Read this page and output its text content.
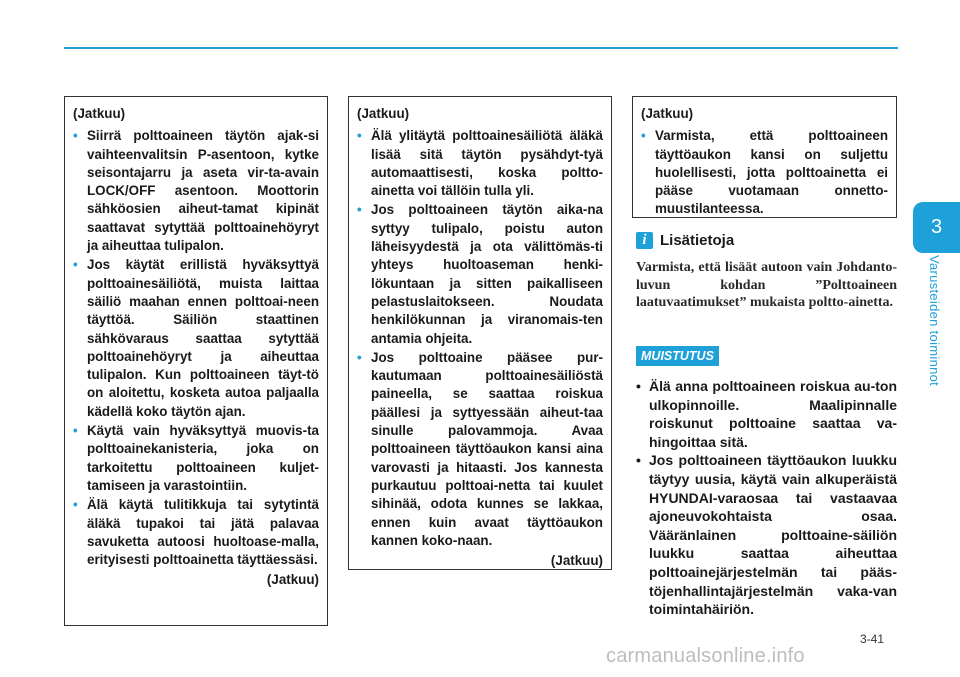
3
Varusteiden toiminnot
(Jatkuu)
• Siirrä polttoaineen täytön ajak-si vaihteenvalitsin P-asentoon, kytke seisontajarru ja aseta vir-ta-avain LOCK/OFF asentoon. Moottorin sähköosien aiheut-tamat kipinät saattavat sytyttää polttoainehöyryt ja aiheuttaa tulipalon.
• Jos käytät erillistä hyväksyttyä polttoainesäiliötä, muista laittaa säiliö maahan ennen polttoai-neen täyttöä. Säiliön staattinen sähkövaraus saattaa sytyttää polttoainehöyryt ja aiheuttaa tulipalon. Kun polttoaineen täyt-tö on aloitettu, kosketa autoa paljaalla kädellä koko täytön ajan.
• Käytä vain hyväksyttyä muovis-ta polttoainekanisteria, joka on tarkoitettu polttoaineen kuljet-tamiseen ja varastointiin.
• Älä käytä tulitikkuja tai sytytintä äläkä tupakoi tai jätä palavaa savuketta autoosi huoltoase-malla, erityisesti polttoainetta täyttäessäsi.
(Jatkuu)
(Jatkuu)
• Älä ylitäytä polttoainesäiliötä äläkä lisää sitä täytön pysähdyt-tyä automaattisesti, koska poltto-ainetta voi tällöin tulla yli.
• Jos polttoaineen täytön aika-na syttyy tulipalo, poistu auton läheisyydestä ja ota välittömäs-ti yhteys huoltoaseman henki-lökuntaan ja sitten paikalliseen pelastuslaitokseen. Noudata henkilökunnan ja viranomais-ten antamia ohjeita.
• Jos polttoaine pääsee pur-kautumaan polttoainesäiliöstä paineella, se saattaa roiskua päällesi ja syttyessään aiheut-taa sinulle palovammoja. Avaa polttoaineen täyttöaukon kansi aina varovasti ja hitaasti. Jos kannesta purkautuu polttoai-netta tai kuulet sihinää, odota kunnes se lakkaa, ennen kuin avaat täyttöaukon kannen koko-naan.
(Jatkuu)
(Jatkuu)
• Varmista, että polttoaineen täyttöaukon kansi on suljettu huolellisesti, jotta polttoainetta ei pääse vuotamaan onnetto-muustilanteessa.
i Lisätietoja
Varmista, että lisäät autoon vain Johdanto-luvun kohdan ”Polttoaineen laatuvaatimukset” mukaista poltto-ainetta.
MUISTUTUS
• Älä anna polttoaineen roiskua au-ton ulkopinnoille. Maalipinnalle roiskunut polttoaine saattaa va-hingoittaa sitä.
• Jos polttoaineen täyttöaukon luukku täytyy uusia, käytä vain alkuperäistä HYUNDAI-varaosaa tai vastaavaa ajoneuvokohtaista osaa. Vääränlainen polttoaine-säiliön luukku saattaa aiheuttaa polttoainejärjestelmän tai pääs-töjenhallintajärjestelmän vaka-van toimintahäiriön.
3-41
carmanualsonline.info
